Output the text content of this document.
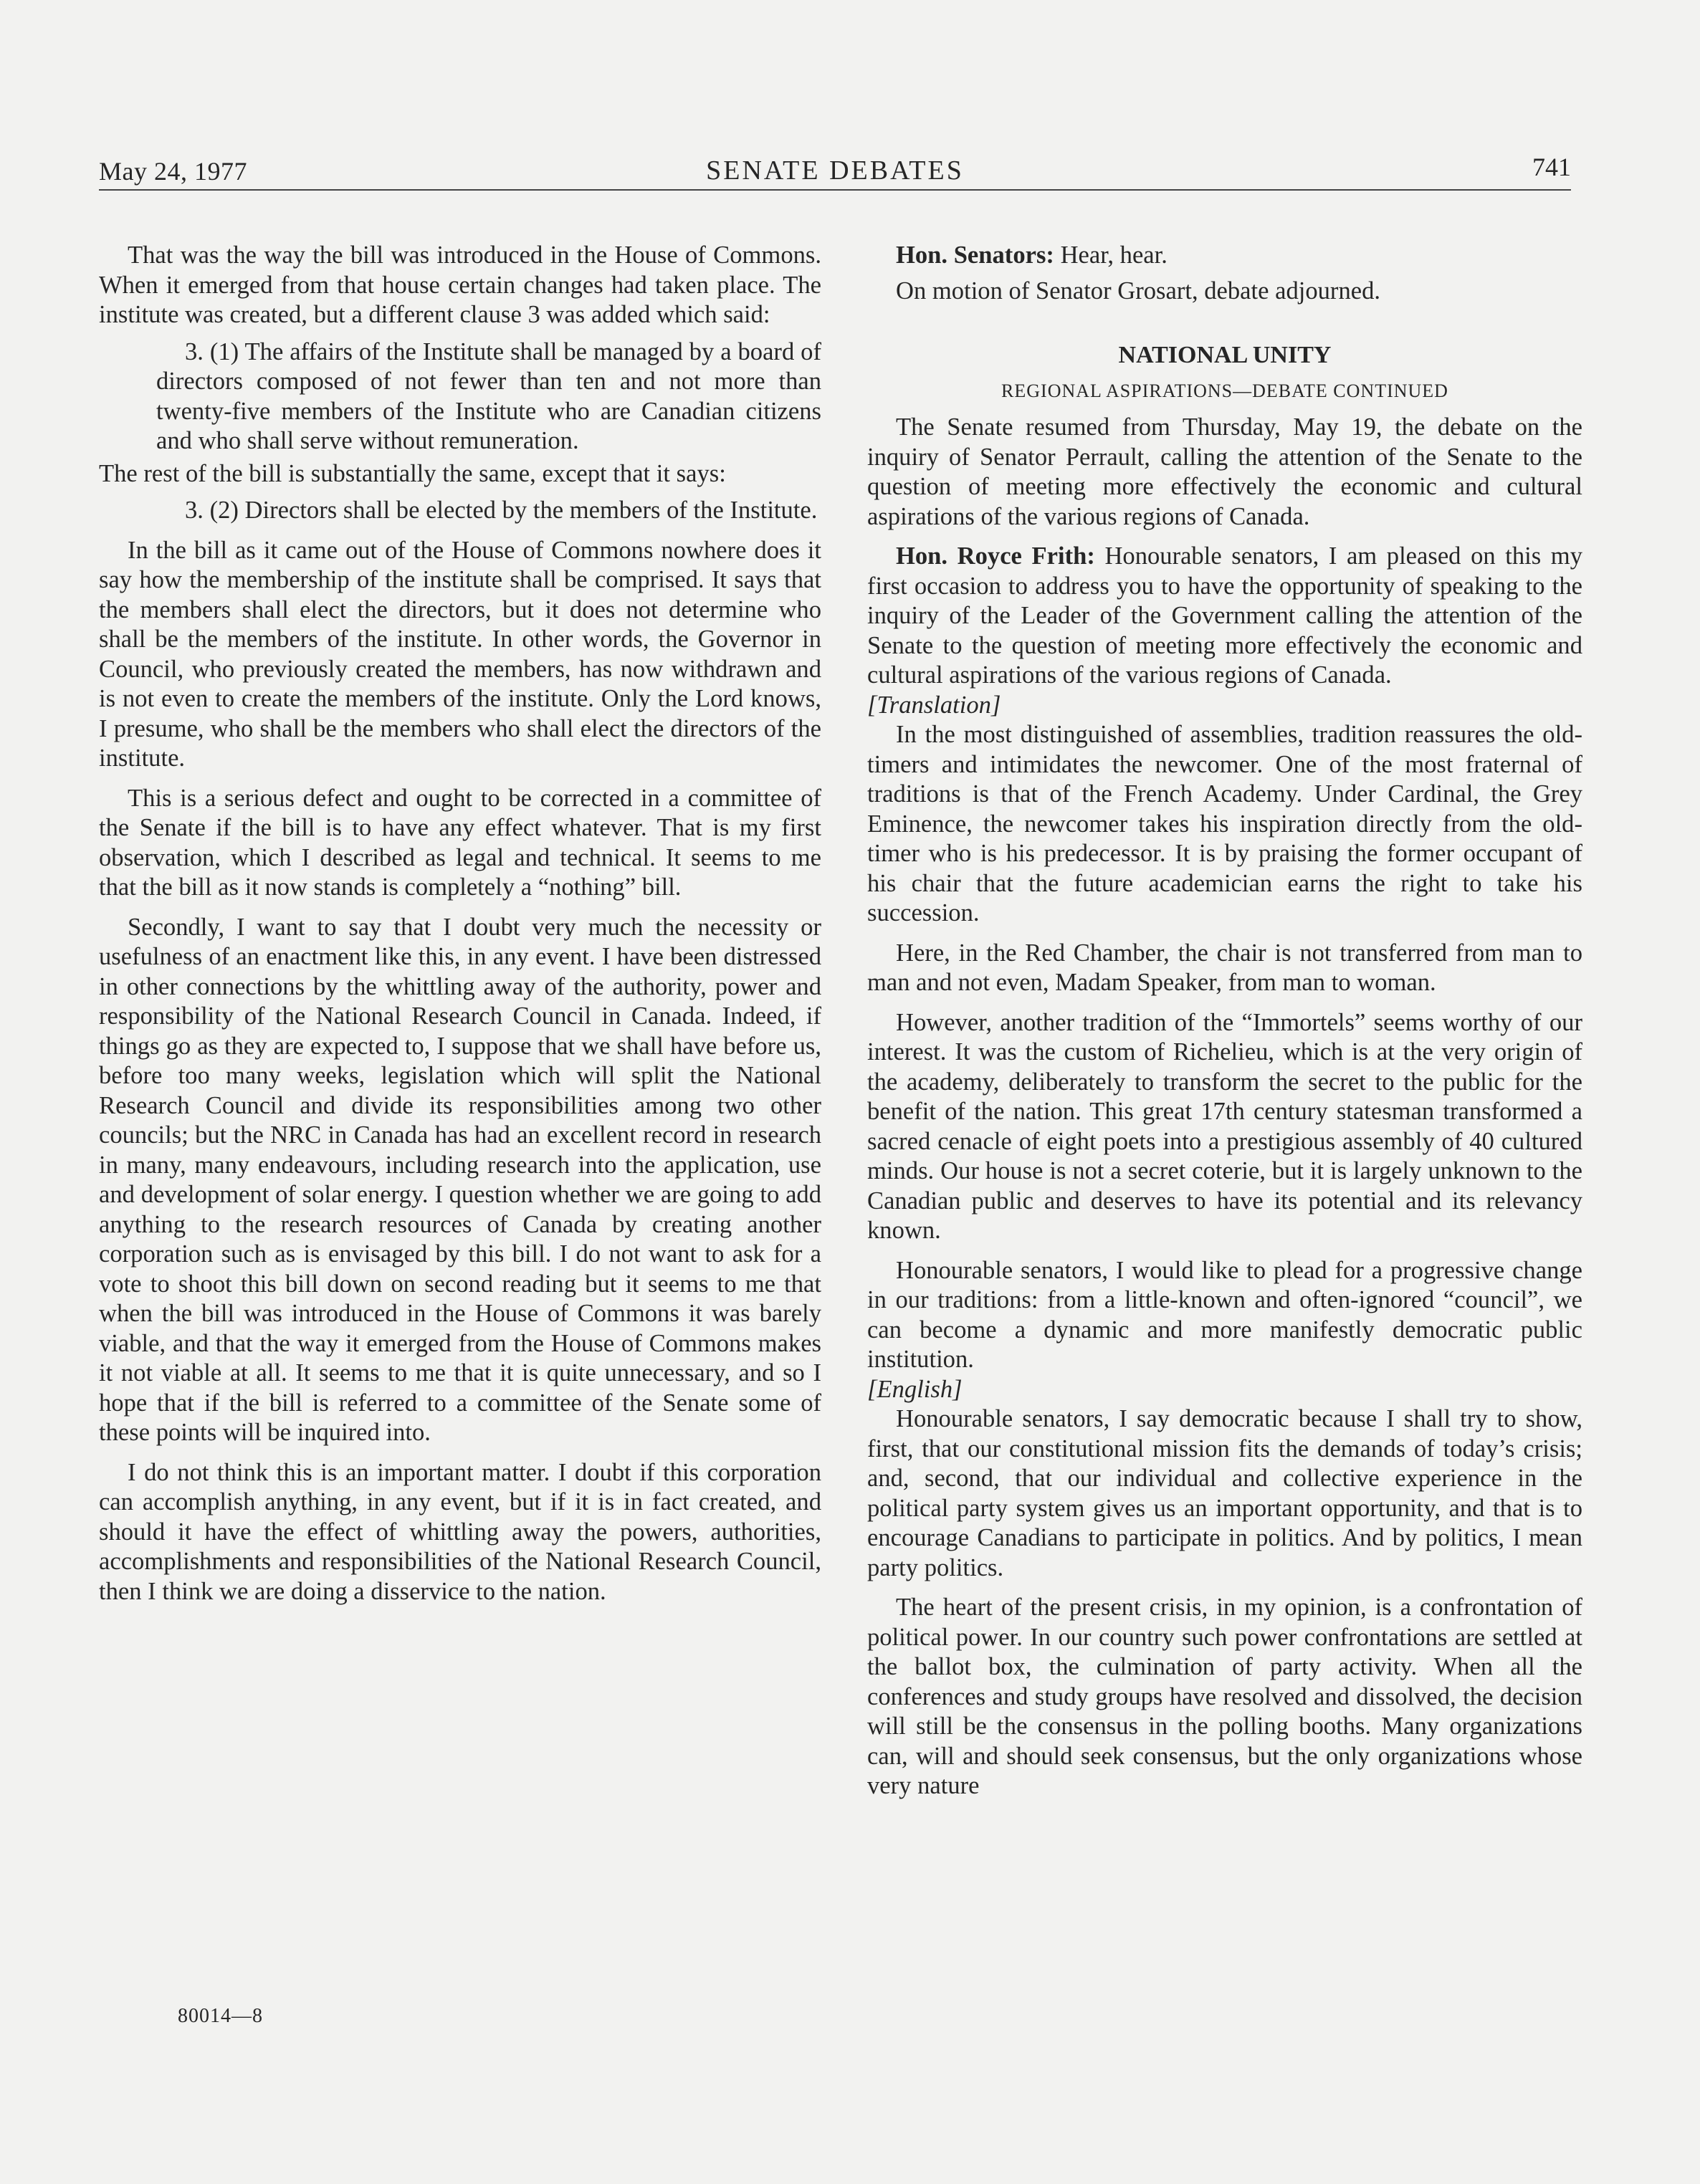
May 24, 1977	SENATE DEBATES	741

That was the way the bill was introduced in the House of Commons. When it emerged from that house certain changes had taken place. The institute was created, but a different clause 3 was added which said:

3. (1) The affairs of the Institute shall be managed by a board of directors composed of not fewer than ten and not more than twenty-five members of the Institute who are Canadian citizens and who shall serve without remuneration.

The rest of the bill is substantially the same, except that it says:

3. (2) Directors shall be elected by the members of the Institute.

In the bill as it came out of the House of Commons nowhere does it say how the membership of the institute shall be comprised. It says that the members shall elect the directors, but it does not determine who shall be the members of the institute. In other words, the Governor in Council, who previously created the members, has now withdrawn and is not even to create the members of the institute. Only the Lord knows, I presume, who shall be the members who shall elect the directors of the institute.

This is a serious defect and ought to be corrected in a committee of the Senate if the bill is to have any effect whatever. That is my first observation, which I described as legal and technical. It seems to me that the bill as it now stands is completely a “nothing” bill.

Secondly, I want to say that I doubt very much the necessity or usefulness of an enactment like this, in any event. I have been distressed in other connections by the whittling away of the authority, power and responsibility of the National Research Council in Canada. Indeed, if things go as they are expected to, I suppose that we shall have before us, before too many weeks, legislation which will split the National Research Council and divide its responsibilities among two other councils; but the NRC in Canada has had an excellent record in research in many, many endeavours, including research into the application, use and development of solar energy. I question whether we are going to add anything to the research resources of Canada by creating another corporation such as is envisaged by this bill. I do not want to ask for a vote to shoot this bill down on second reading but it seems to me that when the bill was introduced in the House of Commons it was barely viable, and that the way it emerged from the House of Commons makes it not viable at all. It seems to me that it is quite unnecessary, and so I hope that if the bill is referred to a committee of the Senate some of these points will be inquired into.

I do not think this is an important matter. I doubt if this corporation can accomplish anything, in any event, but if it is in fact created, and should it have the effect of whittling away the powers, authorities, accomplishments and responsibilities of the National Research Council, then I think we are doing a disservice to the nation.

Hon. Senators: Hear, hear.

On motion of Senator Grosart, debate adjourned.

NATIONAL UNITY
REGIONAL ASPIRATIONS—DEBATE CONTINUED

The Senate resumed from Thursday, May 19, the debate on the inquiry of Senator Perrault, calling the attention of the Senate to the question of meeting more effectively the economic and cultural aspirations of the various regions of Canada.

Hon. Royce Frith: Honourable senators, I am pleased on this my first occasion to address you to have the opportunity of speaking to the inquiry of the Leader of the Government calling the attention of the Senate to the question of meeting more effectively the economic and cultural aspirations of the various regions of Canada.

[Translation]

In the most distinguished of assemblies, tradition reassures the old-timers and intimidates the newcomer. One of the most fraternal of traditions is that of the French Academy. Under Cardinal, the Grey Eminence, the newcomer takes his inspiration directly from the old-timer who is his predecessor. It is by praising the former occupant of his chair that the future academician earns the right to take his succession.

Here, in the Red Chamber, the chair is not transferred from man to man and not even, Madam Speaker, from man to woman.

However, another tradition of the “Immortels” seems worthy of our interest. It was the custom of Richelieu, which is at the very origin of the academy, deliberately to transform the secret to the public for the benefit of the nation. This great 17th century statesman transformed a sacred cenacle of eight poets into a prestigious assembly of 40 cultured minds. Our house is not a secret coterie, but it is largely unknown to the Canadian public and deserves to have its potential and its relevancy known.

Honourable senators, I would like to plead for a progressive change in our traditions: from a little-known and often-ignored “council”, we can become a dynamic and more manifestly democratic public institution.

[English]

Honourable senators, I say democratic because I shall try to show, first, that our constitutional mission fits the demands of today’s crisis; and, second, that our individual and collective experience in the political party system gives us an important opportunity, and that is to encourage Canadians to participate in politics. And by politics, I mean party politics.

The heart of the present crisis, in my opinion, is a confrontation of political power. In our country such power confrontations are settled at the ballot box, the culmination of party activity. When all the conferences and study groups have resolved and dissolved, the decision will still be the consensus in the polling booths. Many organizations can, will and should seek consensus, but the only organizations whose very nature

80014—8
